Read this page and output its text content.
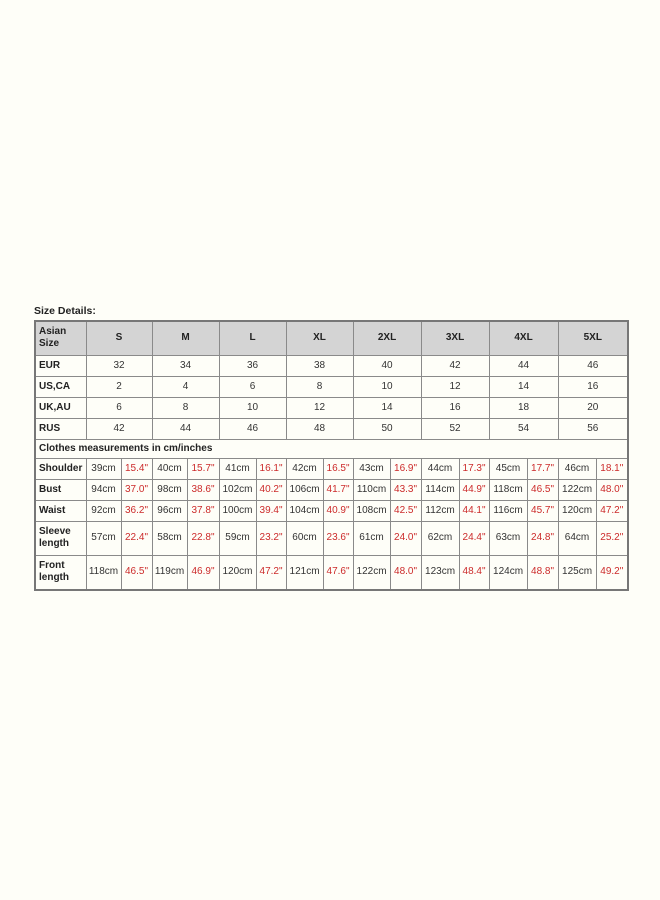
Size Details:
Asian Size	S		M		L		XL		2XL		3XL		4XL		5XL	
EUR	32		34		36		38		40		42		44		46	
US,CA	2		4		6		8		10		12		14		16	
UK,AU	6		8		10		12		14		16		18		20	
RUS	42		44		46		48		50		52		54		56	
Clothes measurements in cm/inches																
Shoulder	39cm	15.4"	40cm	15.7"	41cm	16.1"	42cm	16.5"	43cm	16.9"	44cm	17.3"	45cm	17.7"	46cm	18.1"
Bust	94cm	37.0"	98cm	38.6"	102cm	40.2"	106cm	41.7"	110cm	43.3"	114cm	44.9"	118cm	46.5"	122cm	48.0"
Waist	92cm	36.2"	96cm	37.8"	100cm	39.4"	104cm	40.9"	108cm	42.5"	112cm	44.1"	116cm	45.7"	120cm	47.2"
Sleeve length	57cm	22.4"	58cm	22.8"	59cm	23.2"	60cm	23.6"	61cm	24.0"	62cm	24.4"	63cm	24.8"	64cm	25.2"
Front length	118cm	46.5"	119cm	46.9"	120cm	47.2"	121cm	47.6"	122cm	48.0"	123cm	48.4"	124cm	48.8"	125cm	49.2"
